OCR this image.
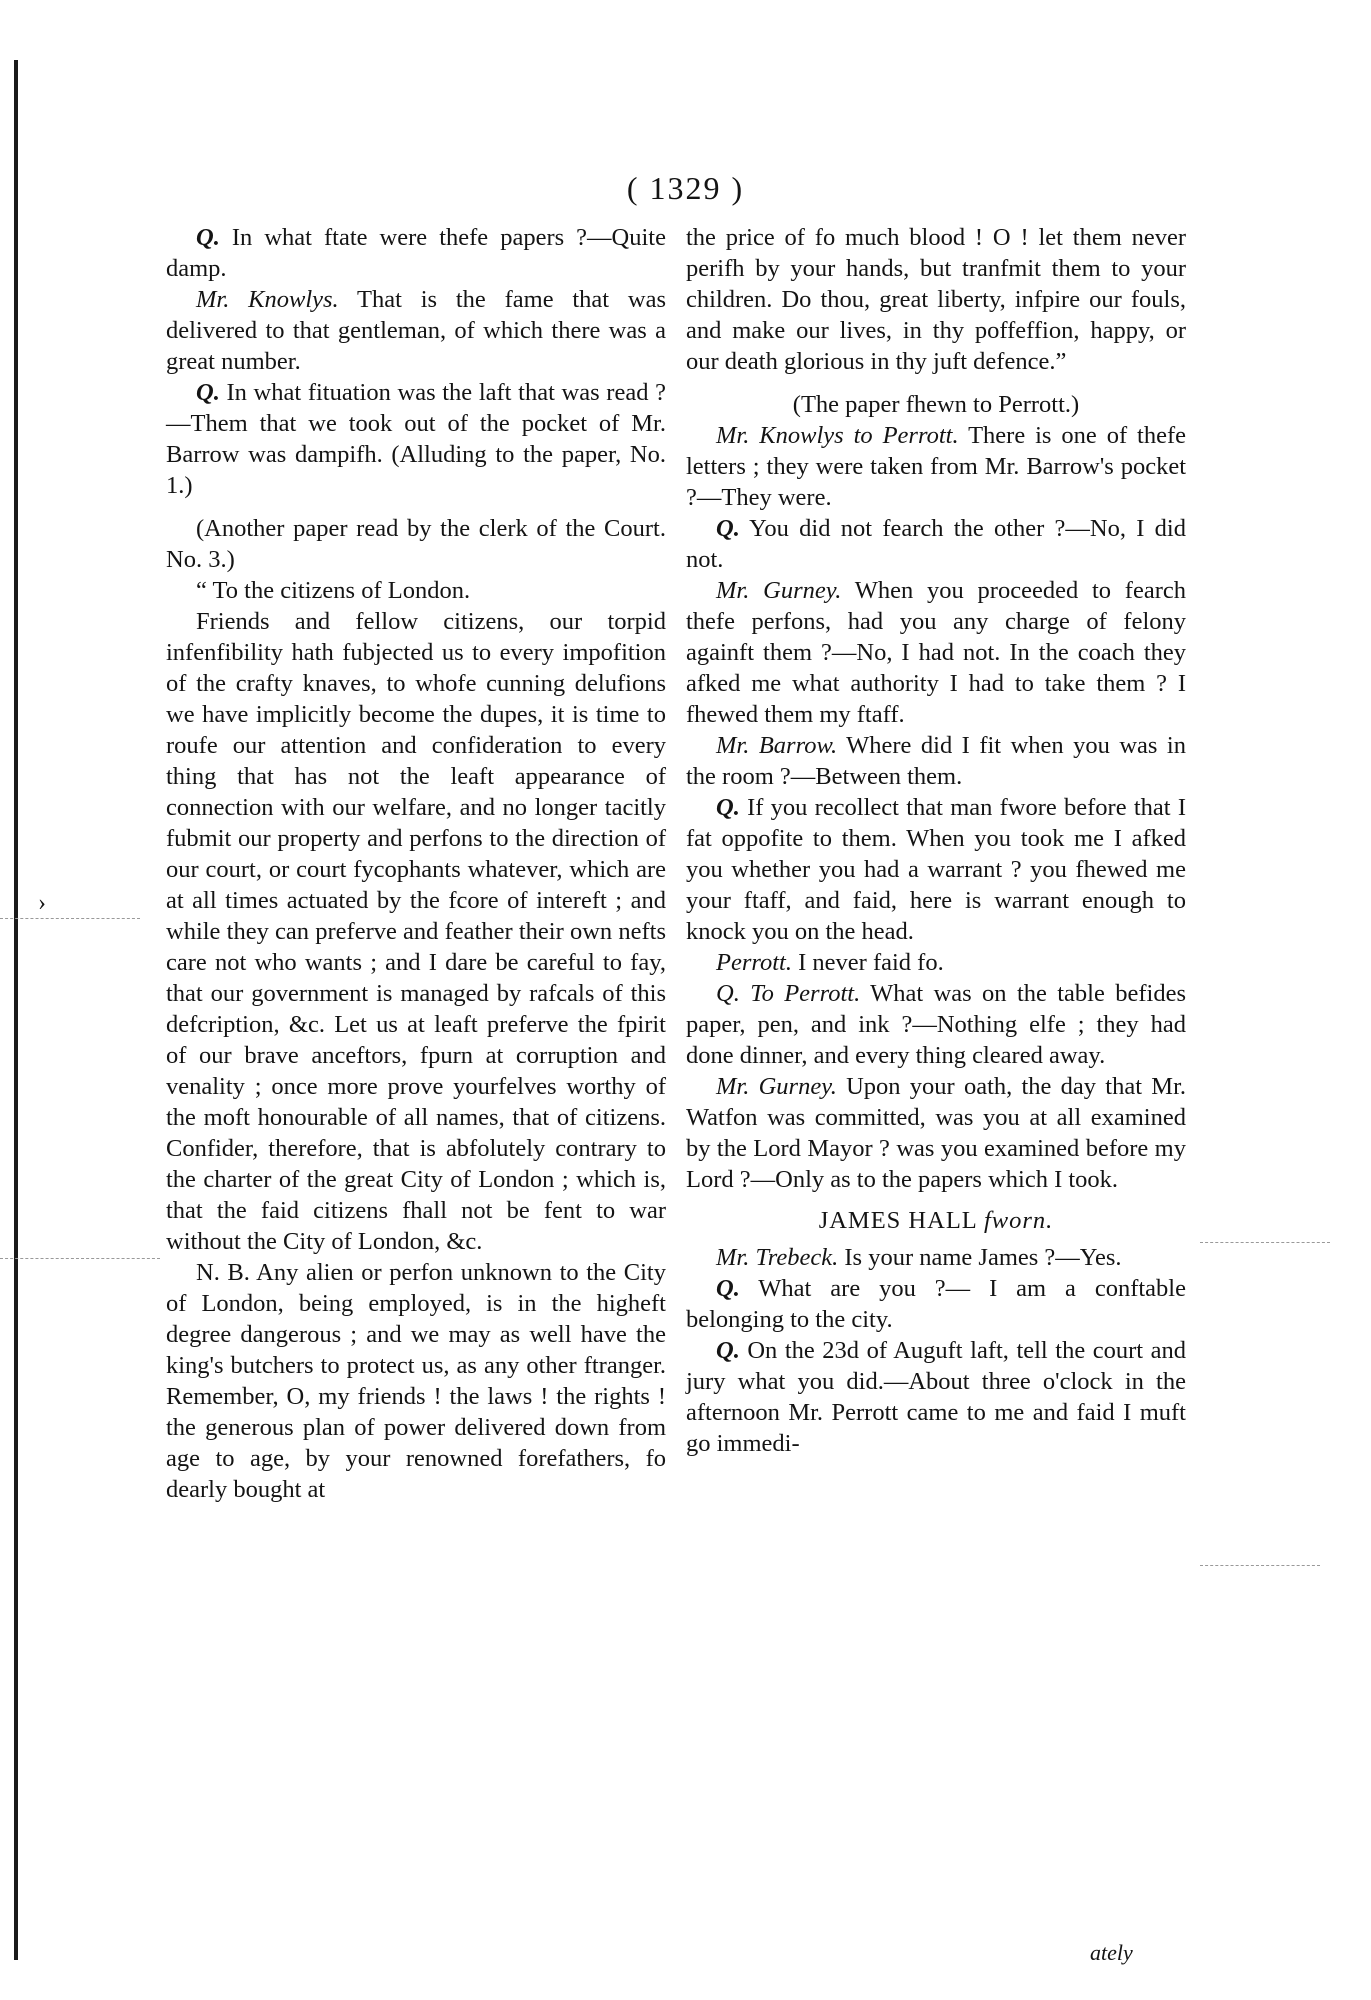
›
( 1329 )

Q. In what ftate were thefe papers ?—Quite damp.

Mr. Knowlys. That is the fame that was delivered to that gentleman, of which there was a great number.

Q. In what fituation was the laft that was read ?—Them that we took out of the pocket of Mr. Barrow was dampifh. (Alluding to the paper, No. 1.)

(Another paper read by the clerk of the Court. No. 3.)

“ To the citizens of London.

Friends and fellow citizens, our torpid infenfibility hath fubjected us to every impofition of the crafty knaves, to whofe cunning delufions we have implicitly become the dupes, it is time to roufe our attention and confideration to every thing that has not the leaft appearance of connection with our welfare, and no longer tacitly fubmit our property and perfons to the direction of our court, or court fycophants whatever, which are at all times actuated by the fcore of intereft ; and while they can preferve and feather their own nefts care not who wants ; and I dare be careful to fay, that our government is managed by rafcals of this defcription, &c. Let us at leaft preferve the fpirit of our brave anceftors, fpurn at corruption and venality ; once more prove yourfelves worthy of the moft honourable of all names, that of citizens. Confider, therefore, that is abfolutely contrary to the charter of the great City of London ; which is, that the faid citizens fhall not be fent to war without the City of London, &c.

N. B. Any alien or perfon unknown to the City of London, being employed, is in the higheft degree dangerous ; and we may as well have the king's butchers to protect us, as any other ftranger. Remember, O, my friends ! the laws ! the rights ! the generous plan of power delivered down from age to age, by your renowned forefathers, fo dearly bought at

the price of fo much blood ! O ! let them never perifh by your hands, but tranfmit them to your children. Do thou, great liberty, infpire our fouls, and make our lives, in thy poffeffion, happy, or our death glorious in thy juft defence.”

(The paper fhewn to Perrott.)

Mr. Knowlys to Perrott. There is one of thefe letters ; they were taken from Mr. Barrow's pocket ?—They were.

Q. You did not fearch the other ?—No, I did not.

Mr. Gurney. When you proceeded to fearch thefe perfons, had you any charge of felony againft them ?—No, I had not. In the coach they afked me what authority I had to take them ? I fhewed them my ftaff.

Mr. Barrow. Where did I fit when you was in the room ?—Between them.

Q. If you recollect that man fwore before that I fat oppofite to them. When you took me I afked you whether you had a warrant ? you fhewed me your ftaff, and faid, here is warrant enough to knock you on the head.

Perrott. I never faid fo.

Q. To Perrott. What was on the table befides paper, pen, and ink ?—Nothing elfe ; they had done dinner, and every thing cleared away.

Mr. Gurney. Upon your oath, the day that Mr. Watfon was committed, was you at all examined by the Lord Mayor ? was you examined before my Lord ?—Only as to the papers which I took.

JAMES HALL fworn.

Mr. Trebeck. Is your name James ?—Yes.

Q. What are you ?— I am a conftable belonging to the city.

Q. On the 23d of Auguft laft, tell the court and jury what you did.—About three o'clock in the afternoon Mr. Perrott came to me and faid I muft go immedi-

ately
